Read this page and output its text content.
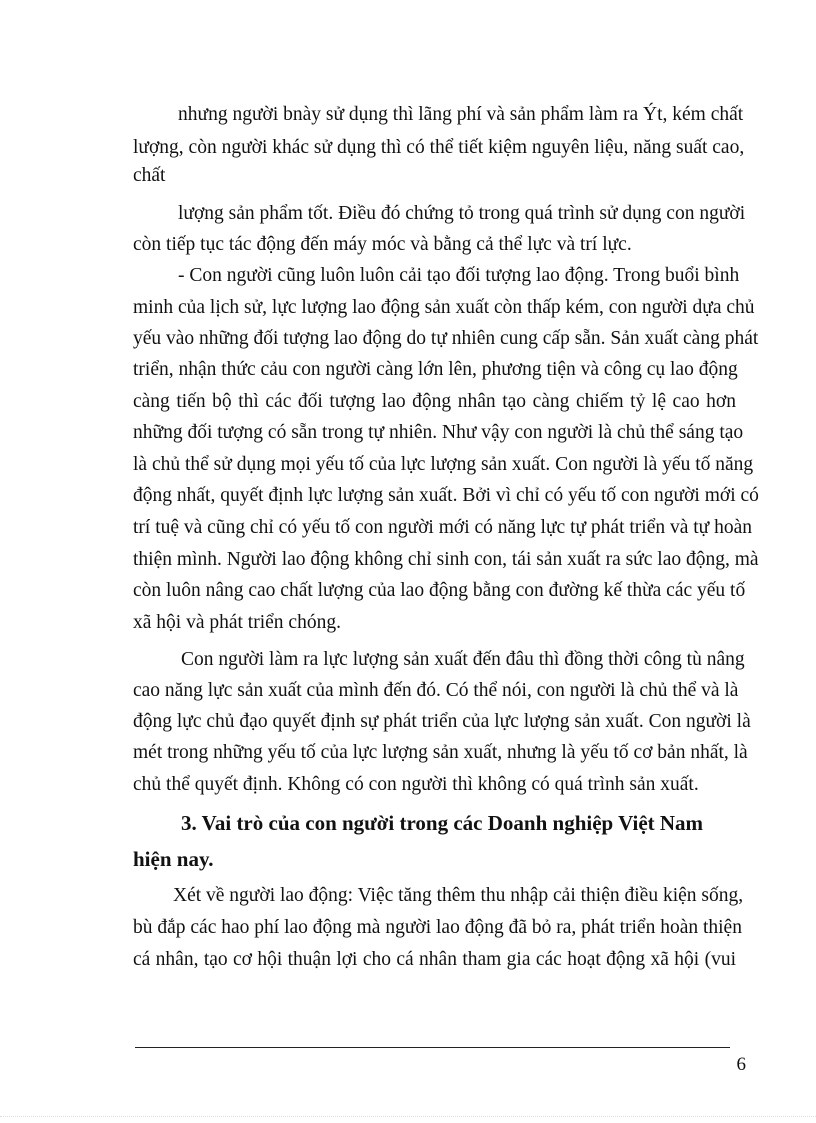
nhưng người bnày sử dụng thì lãng phí và sản phẩm làm ra Ýt, kém chất
lượng, còn người khác sử dụng thì có thể tiết kiệm nguyên liệu, năng suất cao,
chất
lượng sản phẩm tốt. Điều đó chứng tỏ trong quá trình sử dụng con người
còn tiếp tục tác động đến máy móc và bằng cả thể lực và trí lực.
- Con người cũng luôn luôn cải tạo đối tượng lao động. Trong buổi bình
minh của lịch sử, lực lượng lao động sản xuất còn thấp kém, con người dựa chủ
yếu vào những đối tượng lao động do tự nhiên cung cấp sẵn. Sản xuất càng phát
triển, nhận thức cảu con người càng lớn lên, phương tiện và công cụ lao động
càng tiến bộ thì các đối tượng lao động nhân tạo càng chiếm tỷ lệ cao hơn
những đối tượng có sẵn trong tự nhiên. Như vậy con người là chủ thể sáng tạo
là chủ thể sử dụng mọi yếu tố của lực lượng sản xuất. Con người là yếu tố năng
động nhất, quyết định lực lượng sản xuất. Bởi vì chỉ có yếu tố con người mới có
trí tuệ và cũng chỉ có yếu tố con người mới có năng lực tự phát triển và tự hoàn
thiện mình. Người lao động không chỉ sinh con, tái sản xuất ra sức lao động, mà
còn luôn nâng cao chất lượng của lao động bằng con đường kế thừa các yếu tố
xã hội và phát triển chóng.
Con người làm ra lực lượng sản xuất đến đâu thì đồng thời công tù nâng
cao năng lực sản xuất của mình đến đó. Có thể nói, con người là chủ thể và là
động lực chủ đạo quyết định sự phát triển của lực lượng sản xuất. Con người là
mét trong những yếu tố của lực lượng sản xuất, nhưng là yếu tố cơ bản nhất, là
chủ thể quyết định. Không có con người thì không có quá trình sản xuất.
3. Vai trò của con người trong các Doanh nghiệp Việt Nam
hiện nay.
Xét về người lao động: Việc tăng thêm thu nhập cải thiện điều kiện sống,
bù đắp các hao phí lao động mà người lao động đã bỏ ra, phát triển hoàn thiện
cá nhân, tạo cơ hội thuận lợi cho cá nhân tham gia các hoạt động xã hội (vui
6
